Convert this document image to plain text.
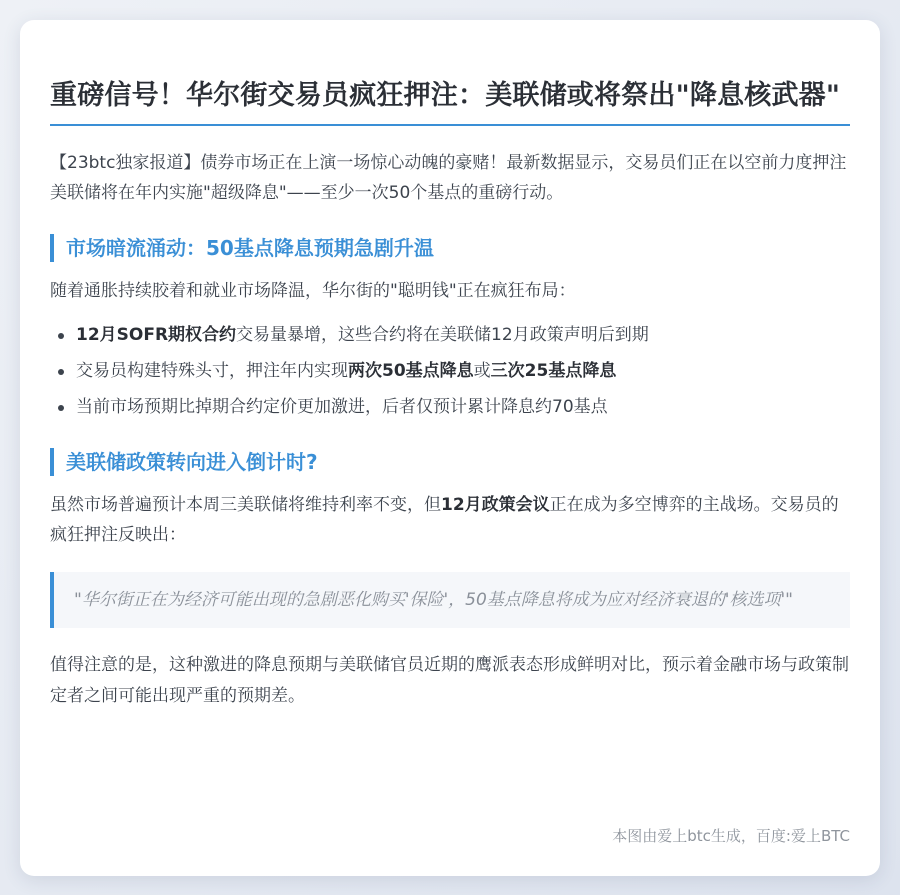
重磅信号！华尔街交易员疯狂押注：美联储或将祭出"降息核武器"

【23btc独家报道】债券市场正在上演一场惊心动魄的豪赌！最新数据显示，交易员们正在以空前力度押注美联储将在年内实施"超级降息"——至少一次50个基点的重磅行动。

市场暗流涌动：50基点降息预期急剧升温

随着通胀持续胶着和就业市场降温，华尔街的"聪明钱"正在疯狂布局：

12月SOFR期权合约交易量暴增，这些合约将在美联储12月政策声明后到期
交易员构建特殊头寸，押注年内实现两次50基点降息或三次25基点降息
当前市场预期比掉期合约定价更加激进，后者仅预计累计降息约70基点
美联储政策转向进入倒计时?

虽然市场普遍预计本周三美联储将维持利率不变，但12月政策会议正在成为多空博弈的主战场。交易员的疯狂押注反映出：

"华尔街正在为经济可能出现的急剧恶化购买'保险'，50基点降息将成为应对经济衰退的'核选项'"

值得注意的是，这种激进的降息预期与美联储官员近期的鹰派表态形成鲜明对比，预示着金融市场与政策制定者之间可能出现严重的预期差。

本图由爱上btc生成，百度:爱上BTC
